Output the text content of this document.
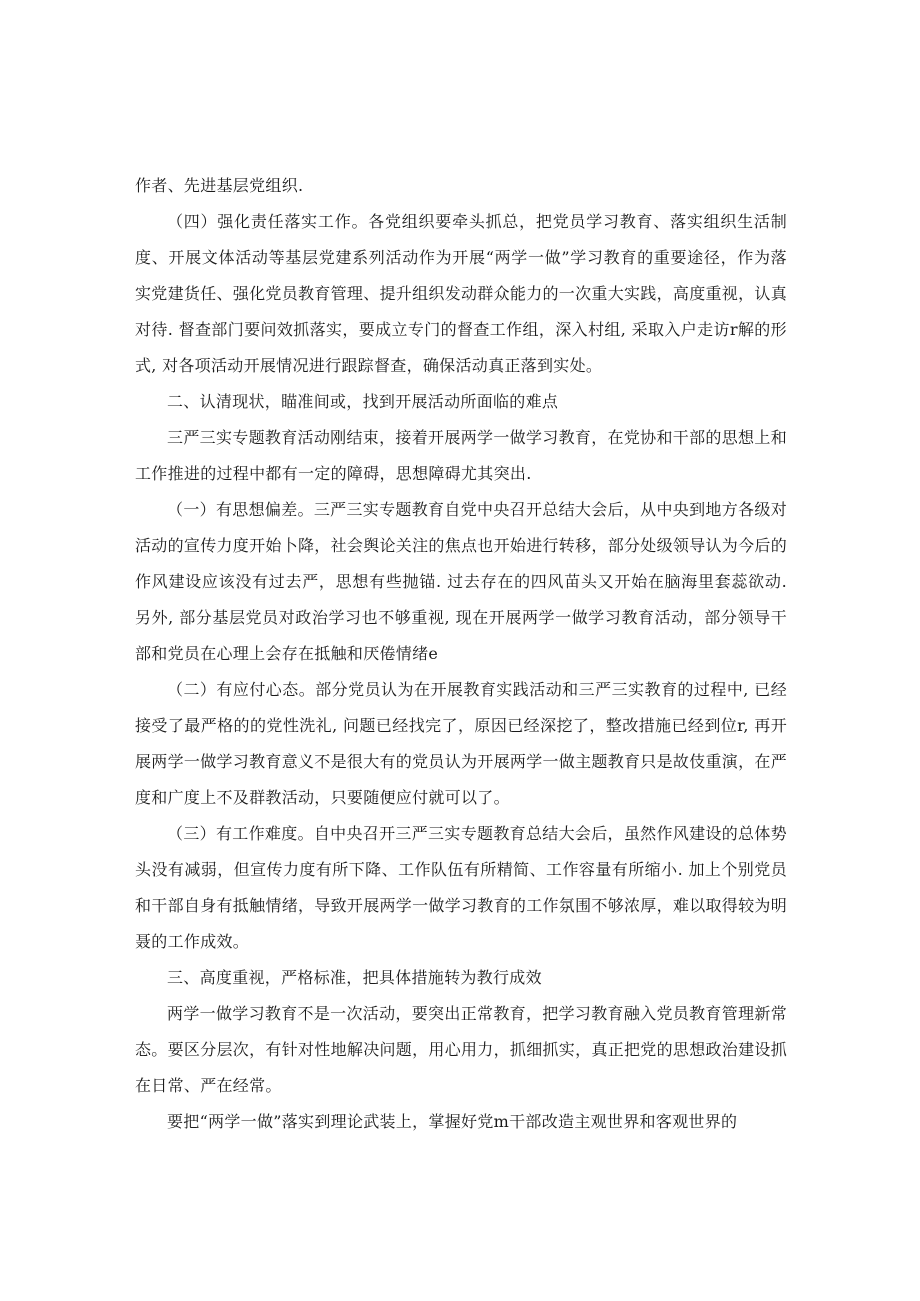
作者、先进基层党组织.

（四）强化责任落实工作。各党组织要牵头抓总，把党员学习教育、落实组织生活制度、开展文体活动等基层党建系列活动作为开展“两学一做”学习教育的重要途径，作为落实党建货任、强化党员教育管理、提升组织发动群众能力的一次重大实践，高度重视，认真对待. 督查部门要问效抓落实，要成立专门的督查工作组，深入村组, 采取入户走访r解的形式, 对各项活动开展情况进行跟踪督查，确保活动真正落到实处。

二、认清现状，瞄准间或，找到开展活动所面临的难点

三严三实专题教育活动刚结束，接着开展两学一做学习教育，在党协和干部的思想上和工作推进的过程中都有一定的障碍，思想障碍尤其突出.

（一）有思想偏差。三严三实专题教育自党中央召开总结大会后，从中央到地方各级对活动的宣传力度开始卜降，社会舆论关注的焦点也开始进行转移，部分处级领导认为今后的作风建设应该没有过去严，思想有些抛锚. 过去存在的四风苗头又开始在脑海里套蕊欲动. 另外, 部分基层党员对政治学习也不够重视, 现在开展两学一做学习教育活动，部分领导干部和党员在心理上会存在抵触和厌倦情绪e

（二）有应付心态。部分党员认为在开展教育实践活动和三严三实教育的过程中, 已经接受了最严格的的党性洗礼, 问题已经找完了，原因已经深挖了，整改措施已经到位r, 再开展两学一做学习教育意义不是很大有的党员认为开展两学一做主题教育只是故伎重演，在严度和广度上不及群教活动，只要随便应付就可以了。

（三）有工作难度。自中央召开三严三实专题教育总结大会后，虽然作风建设的总体势头没有减弱，但宣传力度有所下降、工作队伍有所精简、工作容量有所缩小. 加上个别党员和干部自身有抵触情绪，导致开展两学一做学习教育的工作氛围不够浓厚，难以取得较为明聂的工作成效。

三、高度重视，严格标准，把具体措施转为教行成效

两学一做学习教育不是一次活动，要突出正常教育，把学习教育融入党员教育管理新常态。要区分层次，有针对性地解决问题，用心用力，抓细抓实，真正把党的思想政治建设抓在日常、严在经常。

要把“两学一做”落实到理论武装上，掌握好党m干部改造主观世界和客观世界的
